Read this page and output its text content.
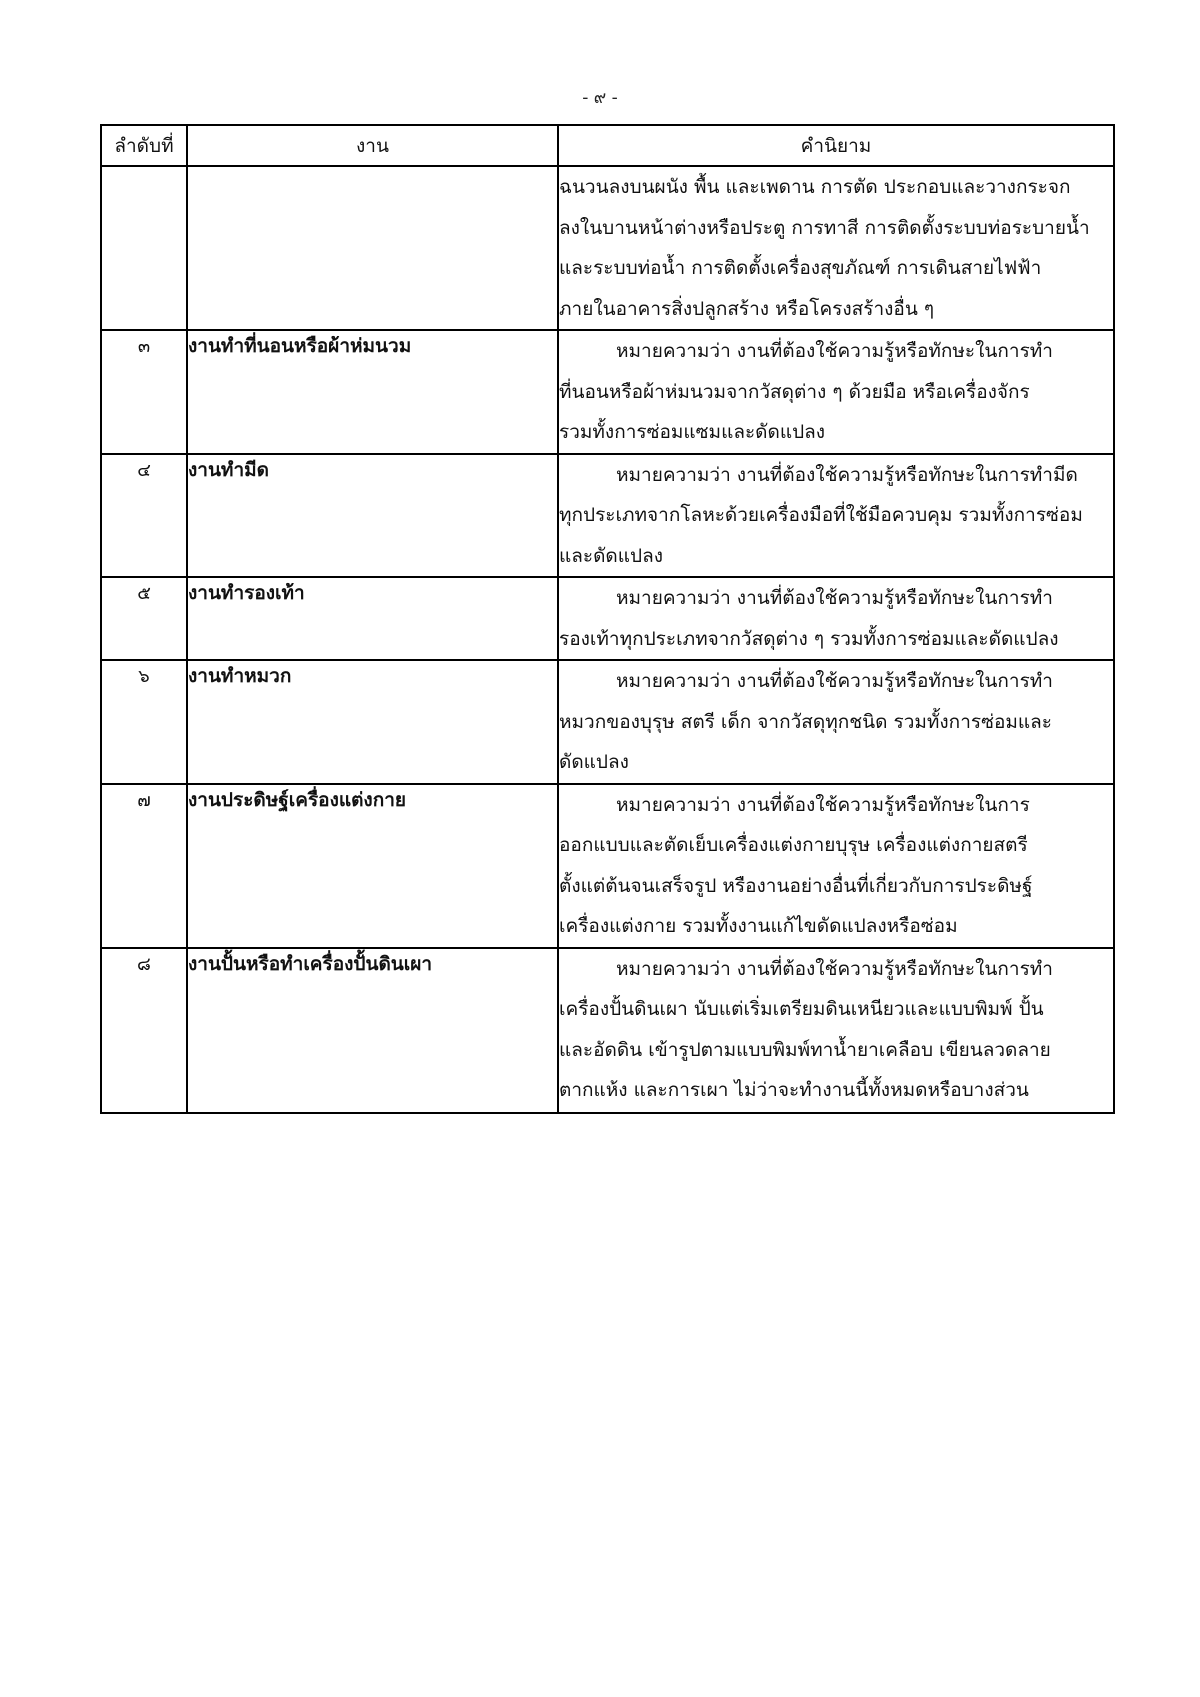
- ๙ -
ลำดับที่	งาน	คำนิยาม

		ฉนวนลงบนผนัง พื้น และเพดาน การตัด ประกอบและวางกระจก
ลงในบานหน้าต่างหรือประตู การทาสี การติดตั้งระบบท่อระบายน้ำ
และระบบท่อน้ำ การติดตั้งเครื่องสุขภัณฑ์ การเดินสายไฟฟ้า
ภายในอาคารสิ่งปลูกสร้าง หรือโครงสร้างอื่น ๆ

๓	งานทำที่นอนหรือผ้าห่มนวม	หมายความว่า งานที่ต้องใช้ความรู้หรือทักษะในการทำ
ที่นอนหรือผ้าห่มนวมจากวัสดุต่าง ๆ ด้วยมือ หรือเครื่องจักร
รวมทั้งการซ่อมแซมและดัดแปลง

๔	งานทำมีด	หมายความว่า งานที่ต้องใช้ความรู้หรือทักษะในการทำมีด
ทุกประเภทจากโลหะด้วยเครื่องมือที่ใช้มือควบคุม รวมทั้งการซ่อม
และดัดแปลง

๕	งานทำรองเท้า	หมายความว่า งานที่ต้องใช้ความรู้หรือทักษะในการทำ
รองเท้าทุกประเภทจากวัสดุต่าง ๆ รวมทั้งการซ่อมและดัดแปลง

๖	งานทำหมวก	หมายความว่า งานที่ต้องใช้ความรู้หรือทักษะในการทำ
หมวกของบุรุษ สตรี เด็ก จากวัสดุทุกชนิด รวมทั้งการซ่อมและ
ดัดแปลง

๗	งานประดิษฐ์เครื่องแต่งกาย	หมายความว่า งานที่ต้องใช้ความรู้หรือทักษะในการ
ออกแบบและตัดเย็บเครื่องแต่งกายบุรุษ เครื่องแต่งกายสตรี
ตั้งแต่ต้นจนเสร็จรูป หรืองานอย่างอื่นที่เกี่ยวกับการประดิษฐ์
เครื่องแต่งกาย รวมทั้งงานแก้ไขดัดแปลงหรือซ่อม

๘	งานปั้นหรือทำเครื่องปั้นดินเผา	หมายความว่า งานที่ต้องใช้ความรู้หรือทักษะในการทำ
เครื่องปั้นดินเผา นับแต่เริ่มเตรียมดินเหนียวและแบบพิมพ์ ปั้น
และอัดดิน เข้ารูปตามแบบพิมพ์ทาน้ำยาเคลือบ เขียนลวดลาย
ตากแห้ง และการเผา ไม่ว่าจะทำงานนี้ทั้งหมดหรือบางส่วน
